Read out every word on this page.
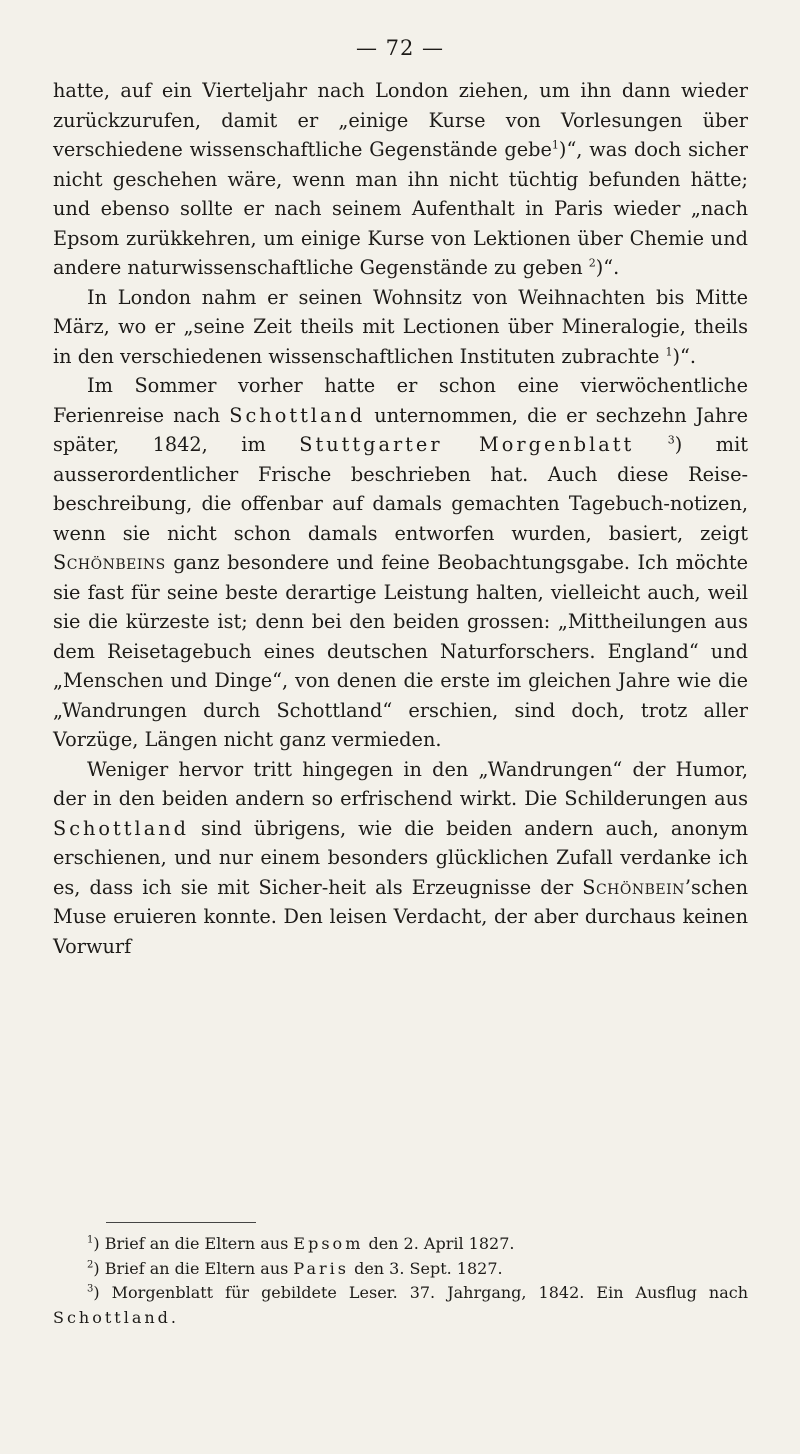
— 72 —

hatte, auf ein Vierteljahr nach London ziehen, um ihn dann wieder zurückzurufen, damit er „einige Kurse von Vorlesungen über verschiedene wissenschaftliche Gegenstände gebe$^1$)“, was doch sicher nicht geschehen wäre, wenn man ihn nicht tüchtig befunden hätte; und ebenso sollte er nach seinem Aufenthalt in Paris wieder „nach Epsom zurükkehren, um einige Kurse von Lektionen über Chemie und andere naturwissenschaftliche Gegenstände zu geben $^2$)“.

In London nahm er seinen Wohnsitz von Weihnachten bis Mitte März, wo er „seine Zeit theils mit Lectionen über Mineralogie, theils in den verschiedenen wissenschaftlichen Instituten zubrachte $^1$)“.

Im Sommer vorher hatte er schon eine vierwöchentliche Ferienreise nach Schottland unternommen, die er sechzehn Jahre später, 1842, im Stuttgarter Morgenblatt	$^3$) mit ausserordentlicher Frische beschrieben hat. Auch diese Reise-beschreibung, die offenbar auf damals gemachten Tagebuch-notizen, wenn sie nicht schon damals entworfen wurden, basiert, zeigt Schönbeins ganz besondere und feine Beobachtungsgabe. Ich möchte sie fast für seine beste derartige Leistung halten, vielleicht auch, weil sie die kürzeste ist; denn bei den beiden grossen: „Mittheilungen aus dem Reisetagebuch eines deutschen Naturforschers. England“ und „Menschen und Dinge“, von denen die erste im gleichen Jahre wie die „Wandrungen durch Schottland“ erschien, sind doch, trotz aller Vorzüge, Längen nicht ganz vermieden.

Weniger hervor tritt hingegen in den „Wandrungen“ der Humor, der in den beiden andern so erfrischend wirkt. Die Schilderungen aus Schottland sind übrigens, wie die beiden andern auch, anonym erschienen, und nur einem besonders glücklichen Zufall verdanke ich es, dass ich sie mit Sicher-heit als Erzeugnisse der Schönbein’schen Muse eruieren konnte. Den leisen Verdacht, der aber durchaus keinen Vorwurf

$^1$) Brief an die Eltern aus Epsom den 2. April 1827.

$^2$) Brief an die Eltern aus Paris den 3. Sept. 1827.

$^3$) Morgenblatt für gebildete Leser. 37. Jahrgang, 1842. Ein Ausflug nach Schottland.
